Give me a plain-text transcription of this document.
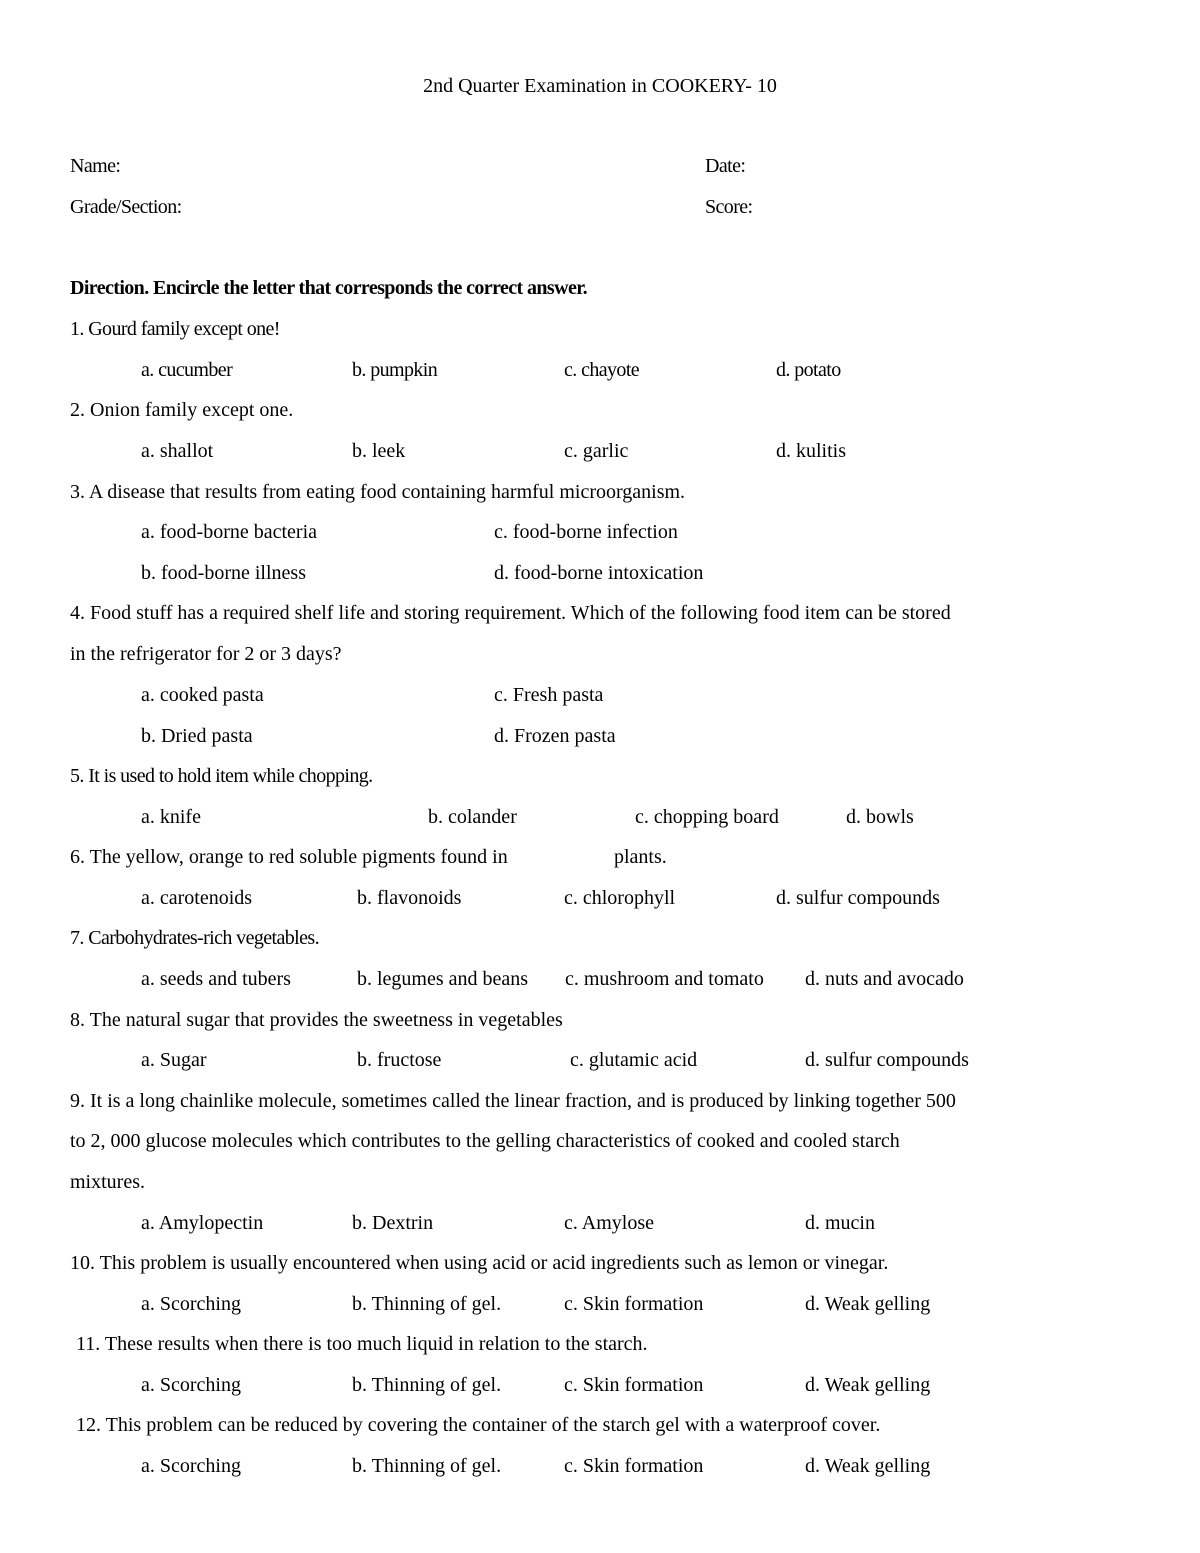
2nd Quarter Examination in COOKERY- 10
Name:	Date:
Grade/Section:	Score:
Direction. Encircle the letter that corresponds the correct answer.
1. Gourd family except one!
a. cucumber	b. pumpkin	c. chayote	d. potato
2. Onion family except one.
a. shallot	b. leek	c. garlic	d. kulitis
3. A disease that results from eating food containing harmful microorganism.
a. food-borne bacteria	c. food-borne infection
b. food-borne illness	d. food-borne intoxication
4. Food stuff has a required shelf life and storing requirement. Which of the following food item can be stored
in the refrigerator for 2 or 3 days?
a. cooked pasta	c. Fresh pasta
b. Dried pasta	d. Frozen pasta
5. It is used to hold item while chopping.
a. knife	b. colander	c. chopping board	d. bowls
6. The yellow, orange to red soluble pigments found in	plants.
a. carotenoids	b. flavonoids	c. chlorophyll	d. sulfur compounds
7. Carbohydrates-rich vegetables.
a. seeds and tubers	b. legumes and beans c. mushroom and tomato d. nuts and avocado
8. The natural sugar that provides the sweetness in vegetables
a. Sugar	b. fructose	c. glutamic acid	d. sulfur compounds
9. It is a long chainlike molecule, sometimes called the linear fraction, and is produced by linking together 500
to 2, 000 glucose molecules which contributes to the gelling characteristics of cooked and cooled starch
mixtures.
a. Amylopectin	b. Dextrin	c. Amylose	d. mucin
10. This problem is usually encountered when using acid or acid ingredients such as lemon or vinegar.
a. Scorching	b. Thinning of gel.	c. Skin formation	d. Weak gelling
11. These results when there is too much liquid in relation to the starch.
a. Scorching	b. Thinning of gel.	c. Skin formation	d. Weak gelling
12. This problem can be reduced by covering the container of the starch gel with a waterproof cover.
a. Scorching	b. Thinning of gel.	c. Skin formation	d. Weak gelling
